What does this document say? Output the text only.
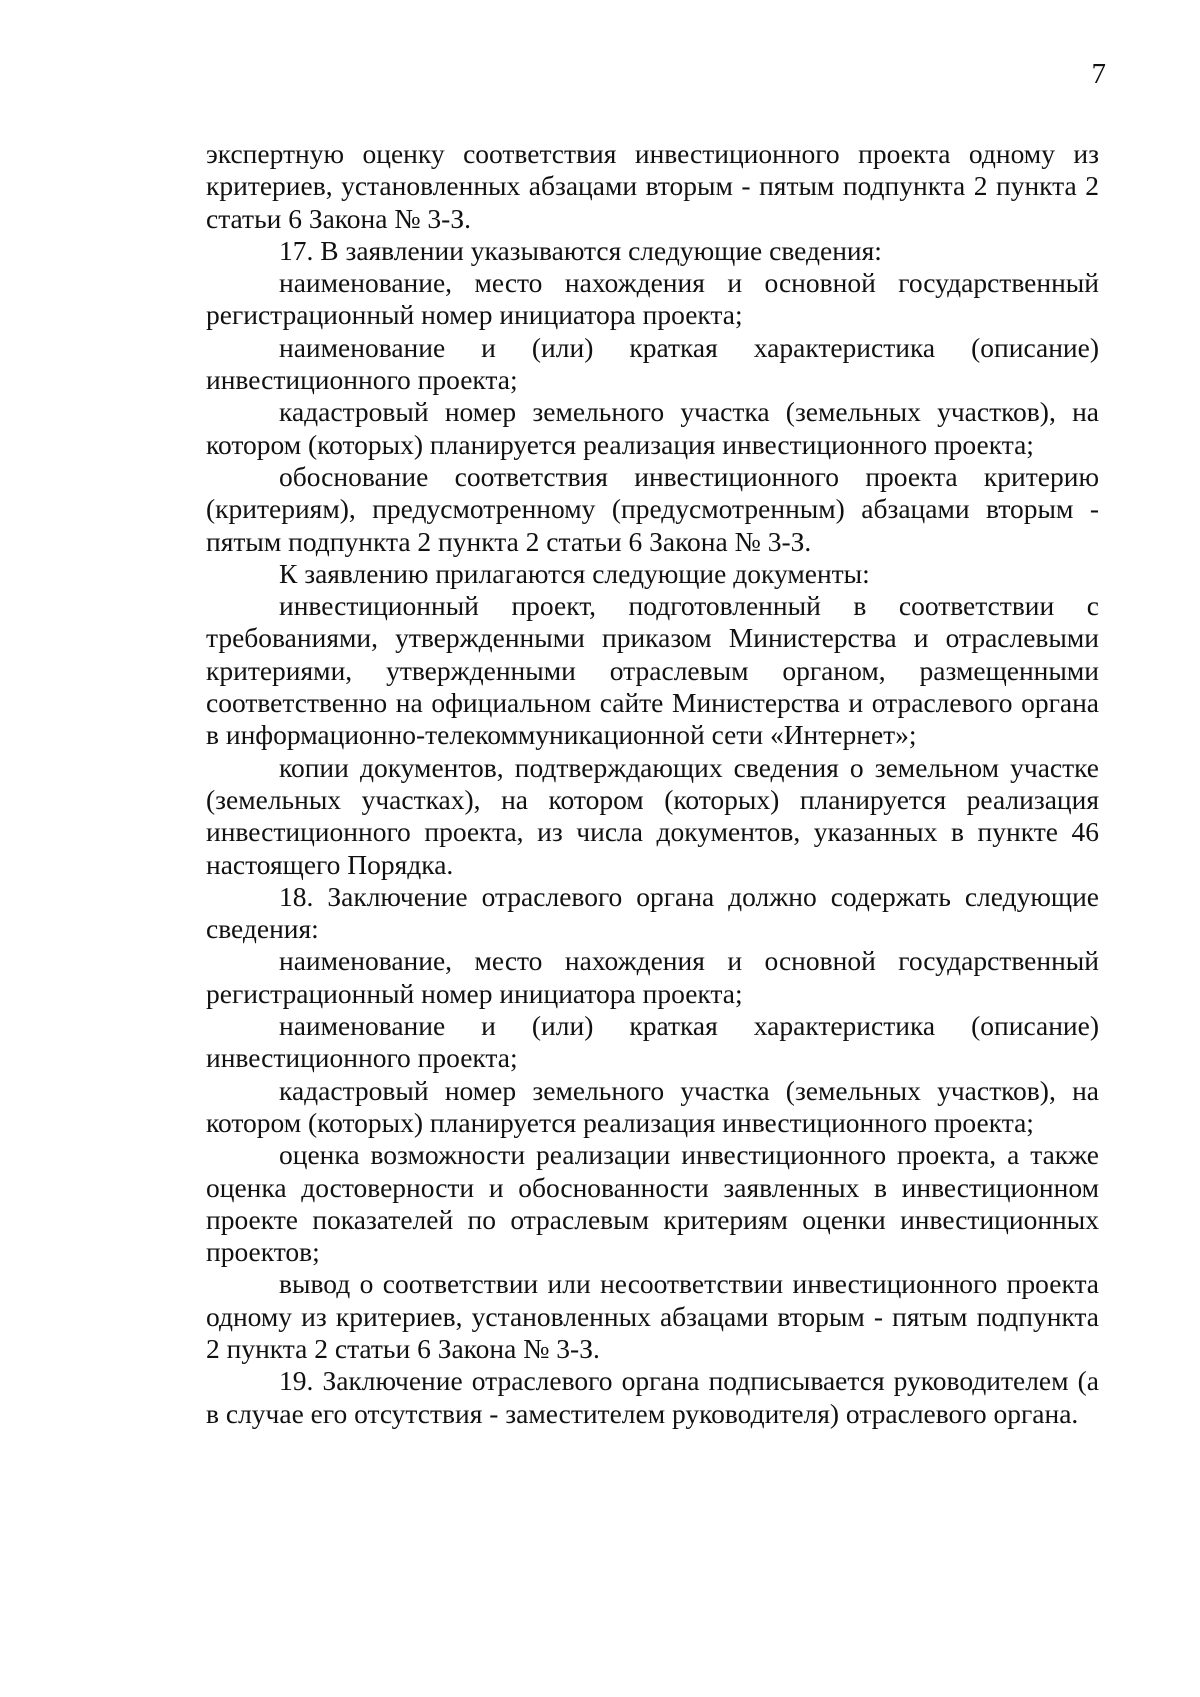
7

экспертную оценку соответствия инвестиционного проекта одному из критериев, установленных абзацами вторым - пятым подпункта 2 пункта 2 статьи 6 Закона № 3-З.

17. В заявлении указываются следующие сведения:

наименование, место нахождения и основной государственный регистрационный номер инициатора проекта;

наименование и (или) краткая характеристика (описание) инвестиционного проекта;

кадастровый номер земельного участка (земельных участков), на котором (которых) планируется реализация инвестиционного проекта;

обоснование соответствия инвестиционного проекта критерию (критериям), предусмотренному (предусмотренным) абзацами вторым - пятым подпункта 2 пункта 2 статьи 6 Закона № 3-З.

К заявлению прилагаются следующие документы:

инвестиционный проект, подготовленный в соответствии с требованиями, утвержденными приказом Министерства и отраслевыми критериями, утвержденными отраслевым органом, размещенными соответственно на официальном сайте Министерства и отраслевого органа в информационно-телекоммуникационной сети «Интернет»;

копии документов, подтверждающих сведения о земельном участке (земельных участках), на котором (которых) планируется реализация инвестиционного проекта, из числа документов, указанных в пункте 46 настоящего Порядка.

18. Заключение отраслевого органа должно содержать следующие сведения:

наименование, место нахождения и основной государственный регистрационный номер инициатора проекта;

наименование и (или) краткая характеристика (описание) инвестиционного проекта;

кадастровый номер земельного участка (земельных участков), на котором (которых) планируется реализация инвестиционного проекта;

оценка возможности реализации инвестиционного проекта, а также оценка достоверности и обоснованности заявленных в инвестиционном проекте показателей по отраслевым критериям оценки инвестиционных проектов;

вывод о соответствии или несоответствии инвестиционного проекта одному из критериев, установленных абзацами вторым - пятым подпункта 2 пункта 2 статьи 6 Закона № 3-З.

19. Заключение отраслевого органа подписывается руководителем (а в случае его отсутствия - заместителем руководителя) отраслевого органа.
